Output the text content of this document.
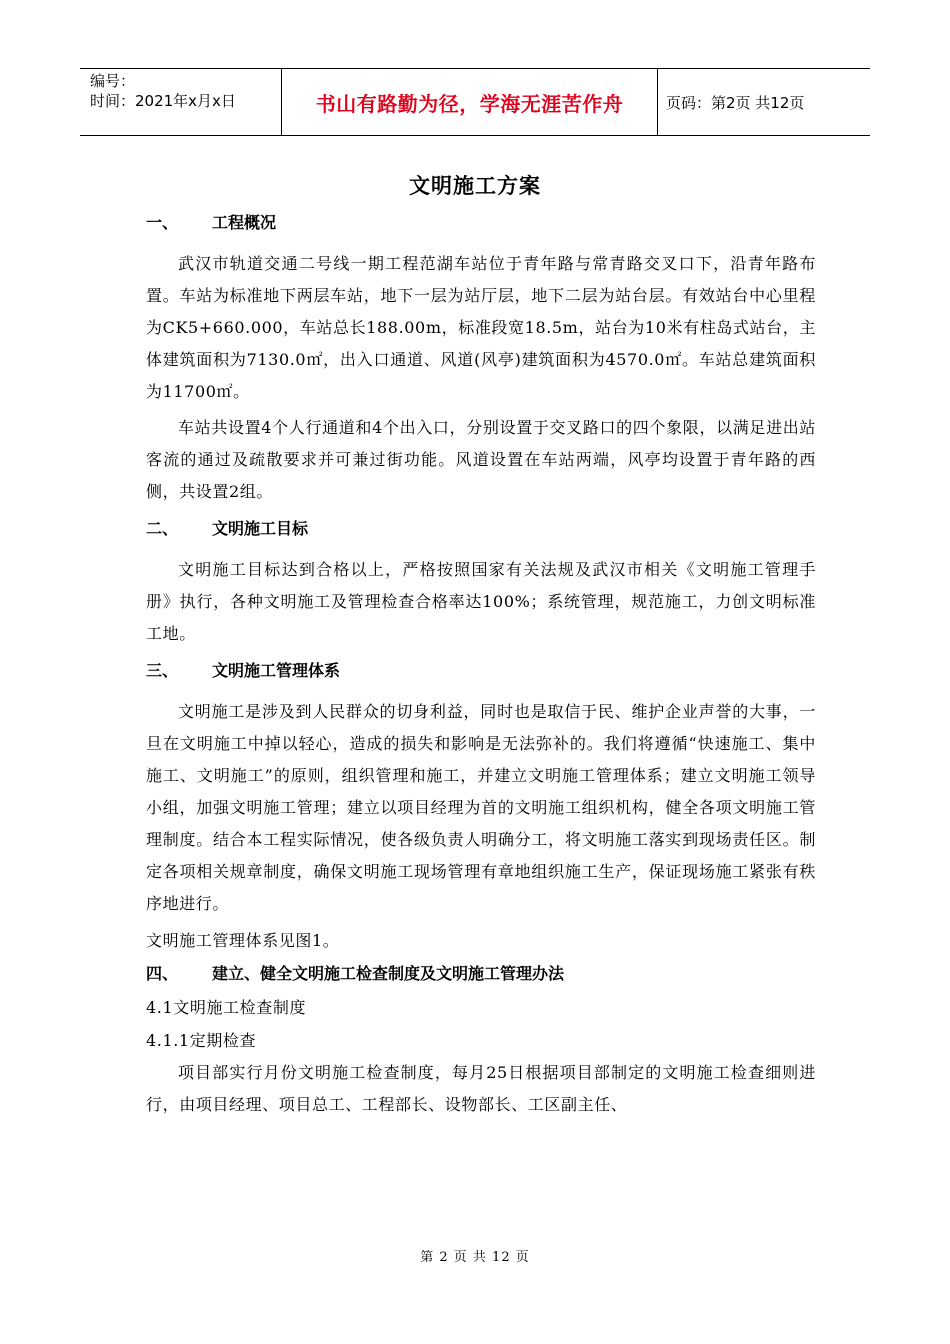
编号：
时间：2021年x月x日	书山有路勤为径，学海无涯苦作舟	页码：第2页 共12页
文明施工方案
一、	工程概况

武汉市轨道交通二号线一期工程范湖车站位于青年路与常青路交叉口下，沿青年路布置。车站为标准地下两层车站，地下一层为站厅层，地下二层为站台层。有效站台中心里程为CK5+660.000，车站总长188.00m，标准段宽18.5m，站台为10米有柱岛式站台，主体建筑面积为7130.0㎡，出入口通道、风道(风亭)建筑面积为4570.0㎡。车站总建筑面积为11700㎡。

车站共设置4个人行通道和4个出入口，分别设置于交叉路口的四个象限，以满足进出站客流的通过及疏散要求并可兼过街功能。风道设置在车站两端，风亭均设置于青年路的西侧，共设置2组。

二、	文明施工目标

文明施工目标达到合格以上，严格按照国家有关法规及武汉市相关《文明施工管理手册》执行，各种文明施工及管理检查合格率达100%；系统管理，规范施工，力创文明标准工地。

三、	文明施工管理体系

文明施工是涉及到人民群众的切身利益，同时也是取信于民、维护企业声誉的大事，一旦在文明施工中掉以轻心，造成的损失和影响是无法弥补的。我们将遵循“快速施工、集中施工、文明施工”的原则，组织管理和施工，并建立文明施工管理体系；建立文明施工领导小组，加强文明施工管理；建立以项目经理为首的文明施工组织机构，健全各项文明施工管理制度。结合本工程实际情况，使各级负责人明确分工，将文明施工落实到现场责任区。制定各项相关规章制度，确保文明施工现场管理有章地组织施工生产，保证现场施工紧张有秩序地进行。

文明施工管理体系见图1。
四、	建立、健全文明施工检查制度及文明施工管理办法
4.1文明施工检查制度
4.1.1定期检查

项目部实行月份文明施工检查制度，每月25日根据项目部制定的文明施工检查细则进行，由项目经理、项目总工、工程部长、设物部长、工区副主任、

第 2 页 共 12 页
